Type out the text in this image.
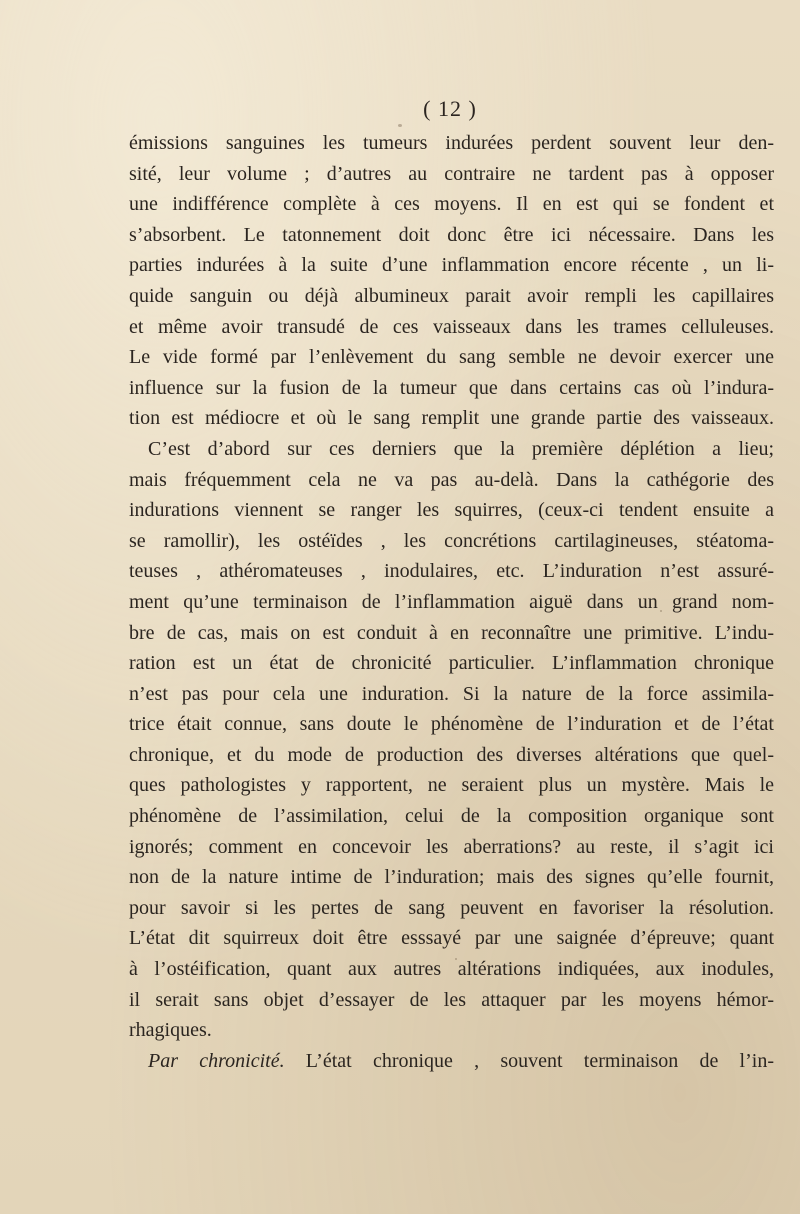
( 12 )
émissions sanguines les tumeurs indurées perdent souvent leur den-
sité, leur volume ; d’autres au contraire ne tardent pas à opposer
une indifférence complète à ces moyens. Il en est qui se fondent et
s’absorbent. Le tatonnement doit donc être ici nécessaire. Dans les
parties indurées à la suite d’une inflammation encore récente , un li-
quide sanguin ou déjà albumineux parait avoir rempli les capillaires
et même avoir transudé de ces vaisseaux dans les trames celluleuses.
Le vide formé par l’enlèvement du sang semble ne devoir exercer une
influence sur la fusion de la tumeur que dans certains cas où l’indura-
tion est médiocre et où le sang remplit une grande partie des vaisseaux.
C’est d’abord sur ces derniers que la première déplétion a lieu;
mais fréquemment cela ne va pas au-delà. Dans la cathégorie des
indurations viennent se ranger les squirres, (ceux-ci tendent ensuite a
se ramollir), les ostéïdes , les concrétions cartilagineuses, stéatoma-
teuses , athéromateuses , inodulaires, etc. L’induration n’est assuré-
ment qu’une terminaison de l’inflammation aiguë dans un grand nom-
bre de cas, mais on est conduit à en reconnaître une primitive. L’indu-
ration est un état de chronicité particulier. L’inflammation chronique
n’est pas pour cela une induration. Si la nature de la force assimila-
trice était connue, sans doute le phénomène de l’induration et de l’état
chronique, et du mode de production des diverses altérations que quel-
ques pathologistes y rapportent, ne seraient plus un mystère. Mais le
phénomène de l’assimilation, celui de la composition organique sont
ignorés; comment en concevoir les aberrations? au reste, il s’agit ici
non de la nature intime de l’induration; mais des signes qu’elle fournit,
pour savoir si les pertes de sang peuvent en favoriser la résolution.
L’état dit squirreux doit être esssayé par une saignée d’épreuve; quant
à l’ostéification, quant aux autres altérations indiquées, aux inodules,
il serait sans objet d’essayer de les attaquer par les moyens hémor-
rhagiques.
Par chronicité. L’état chronique , souvent terminaison de l’in-
